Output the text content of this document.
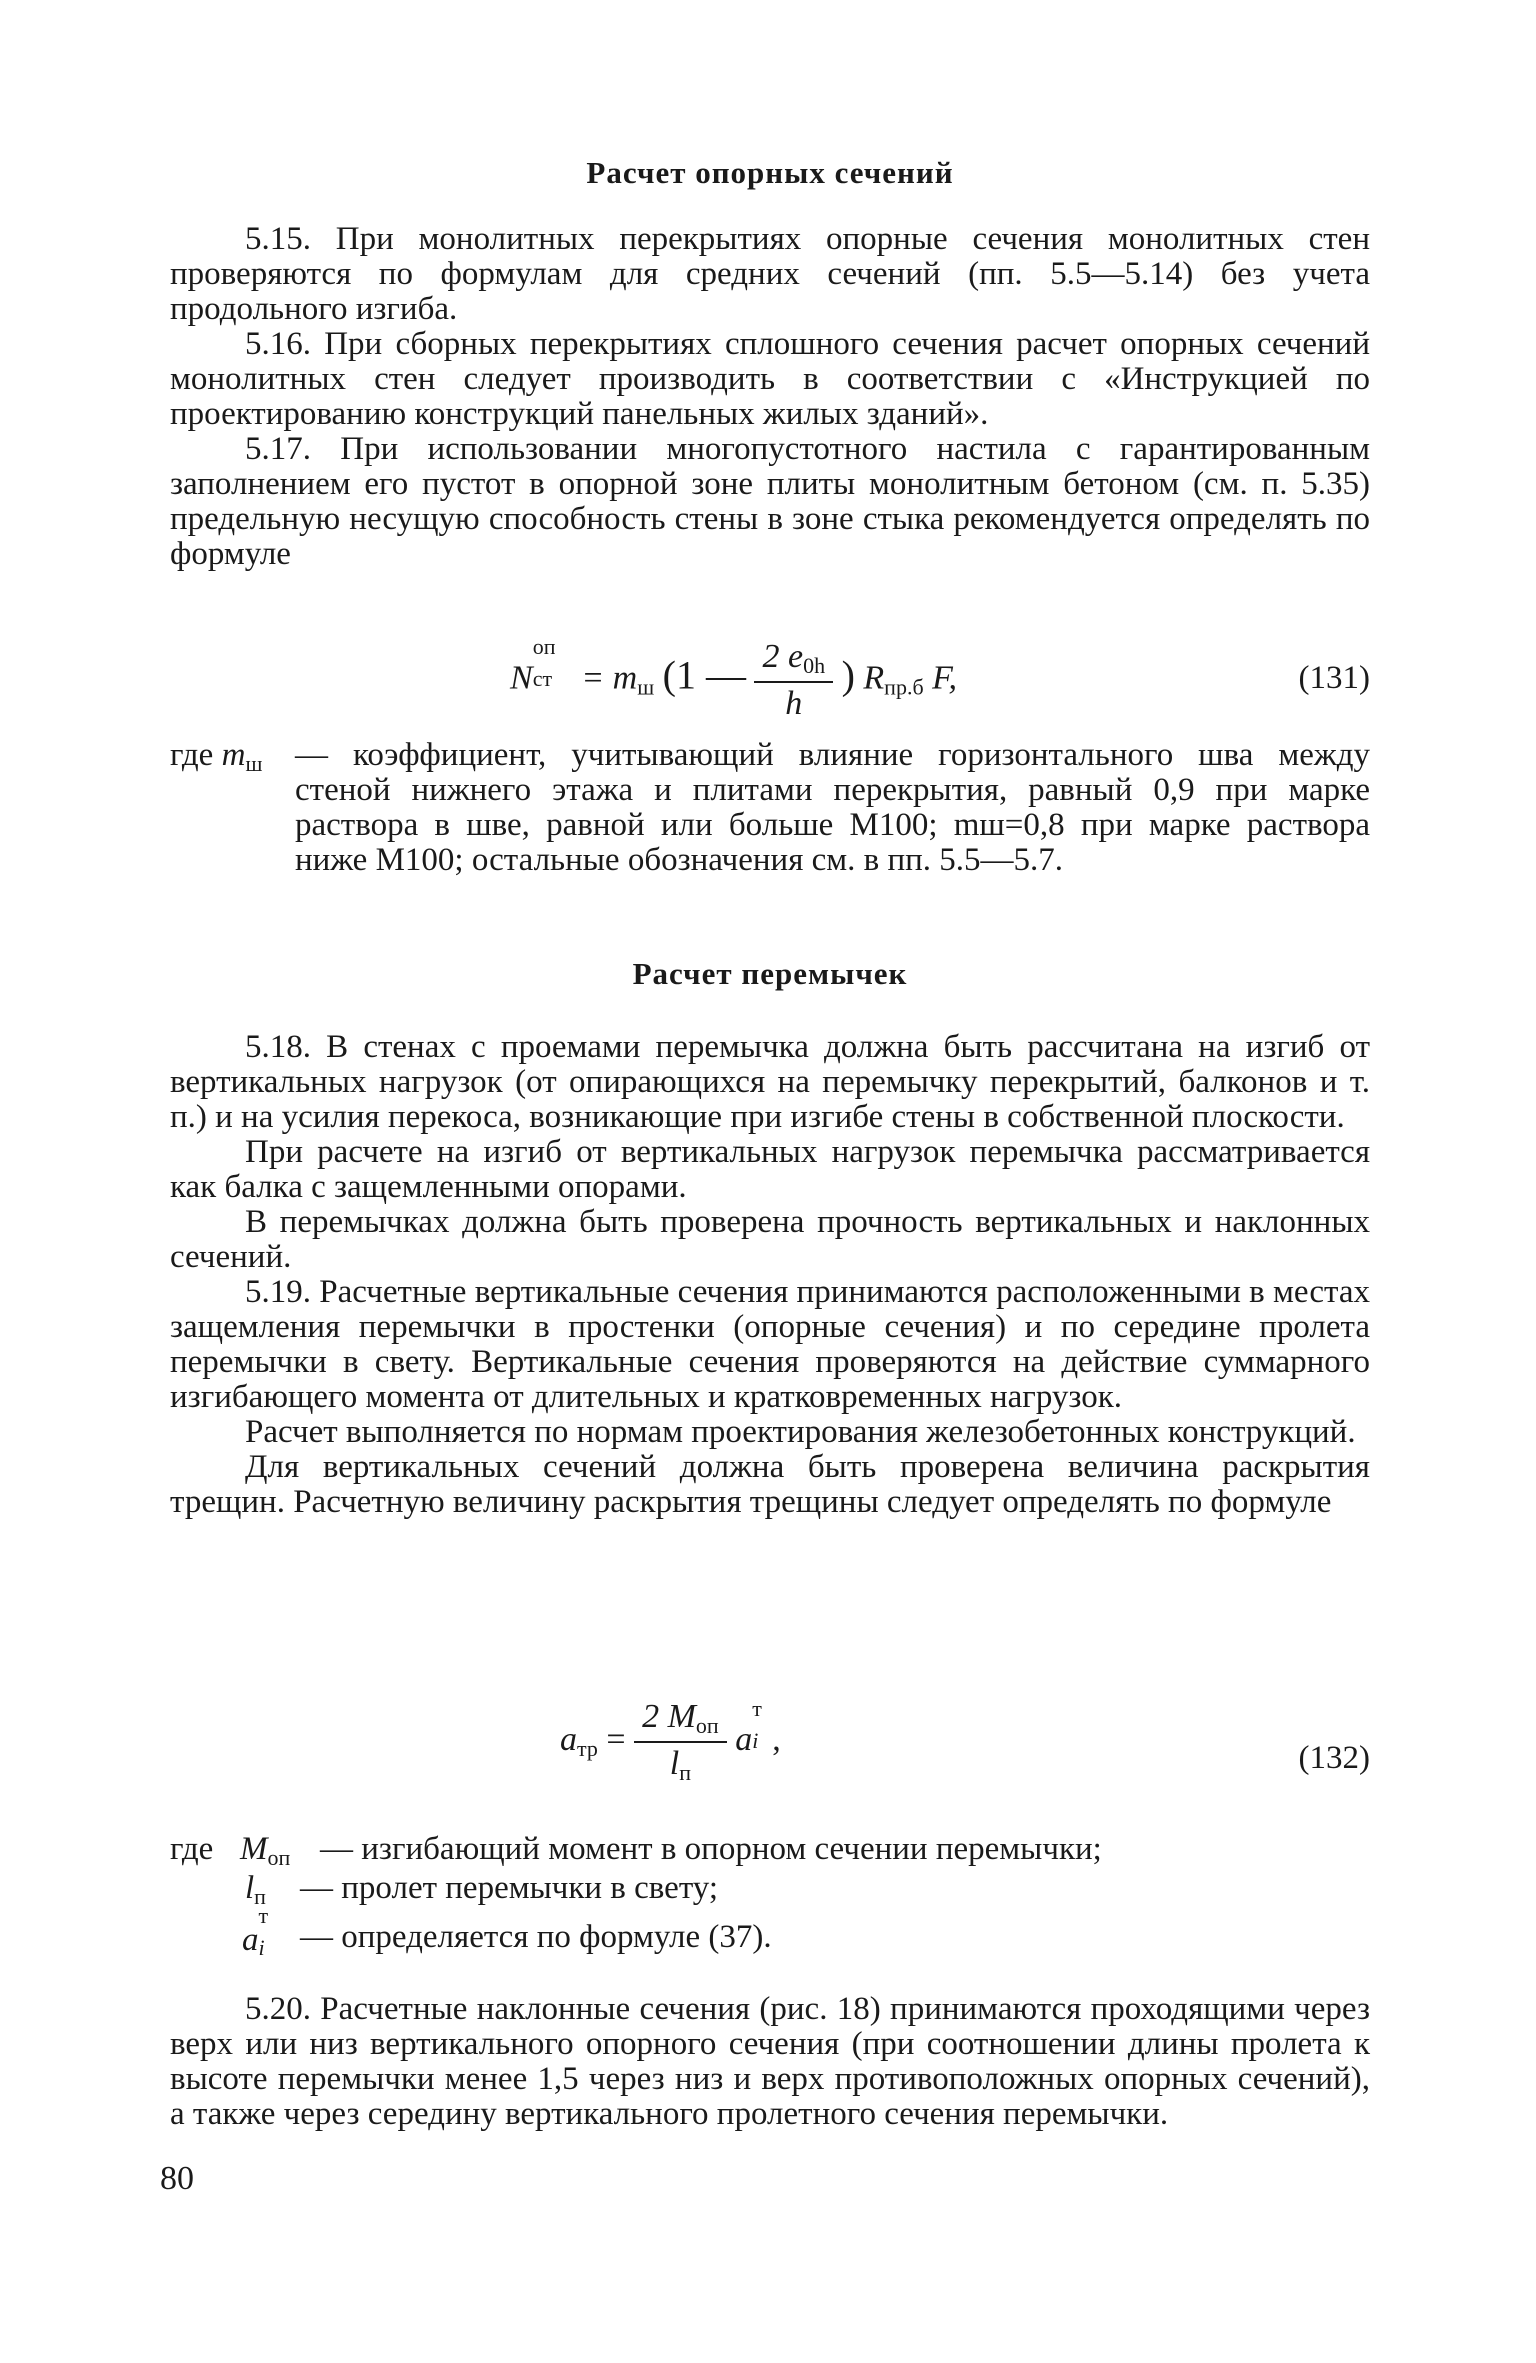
Расчет опорных сечений

5.15. При монолитных перекрытиях опорные сечения монолитных стен проверяются по формулам для средних сечений (пп. 5.5—5.14) без учета продольного изгиба.

5.16. При сборных перекрытиях сплошного сечения расчет опорных сечений монолитных стен следует производить в соответствии с «Инструкцией по проектированию конструкций панельных жилых зданий».

5.17. При использовании многопустотного настила с гарантированным заполнением его пустот в опорной зоне плиты монолитным бетоном (см. п. 5.35) предельную несущую способность стены в зоне стыка рекомендуется определять по формуле

N
оп
ст = $m_ш$ (1 — $\frac{2 e_{0h}}{h}$ ) $R_{пр.б}$ F,	(131)
где $m_ш$ — коэффициент, учитывающий влияние горизонтального шва между стеной нижнего этажа и плитами перекрытия, равный 0,9 при марке раствора в шве, равной или больше М100; mш=0,8 при марке раствора ниже М100; остальные обозначения см. в пп. 5.5—5.7.
Расчет перемычек

5.18. В стенах с проемами перемычка должна быть рассчитана на изгиб от вертикальных нагрузок (от опирающихся на перемычку перекрытий, балконов и т. п.) и на усилия перекоса, возникающие при изгибе стены в собственной плоскости.

При расчете на изгиб от вертикальных нагрузок перемычка рассматривается как балка с защемленными опорами.

В перемычках должна быть проверена прочность вертикальных и наклонных сечений.

5.19. Расчетные вертикальные сечения принимаются расположенными в местах защемления перемычки в простенки (опорные сечения) и по середине пролета перемычки в свету. Вертикальные сечения проверяются на действие суммарного изгибающего момента от длительных и кратковременных нагрузок.

Расчет выполняется по нормам проектирования железобетонных конструкций.

Для вертикальных сечений должна быть проверена величина раскрытия трещин. Расчетную величину раскрытия трещины следует определять по формуле

$a_{тр} = \frac{2 M_{оп}}{l_п}$ a
т
i ,
(132)
где $M_{оп}$ — изгибающий момент в опорном сечении перемычки;
$l_п$ — пролет перемычки в свету;
a
т
i — определяется по формуле (37).

5.20. Расчетные наклонные сечения (рис. 18) принимаются проходящими через верх или низ вертикального опорного сечения (при соотношении длины пролета к высоте перемычки менее 1,5 через низ и верх противоположных опорных сечений), а также через середину вертикального пролетного сечения перемычки.

80
